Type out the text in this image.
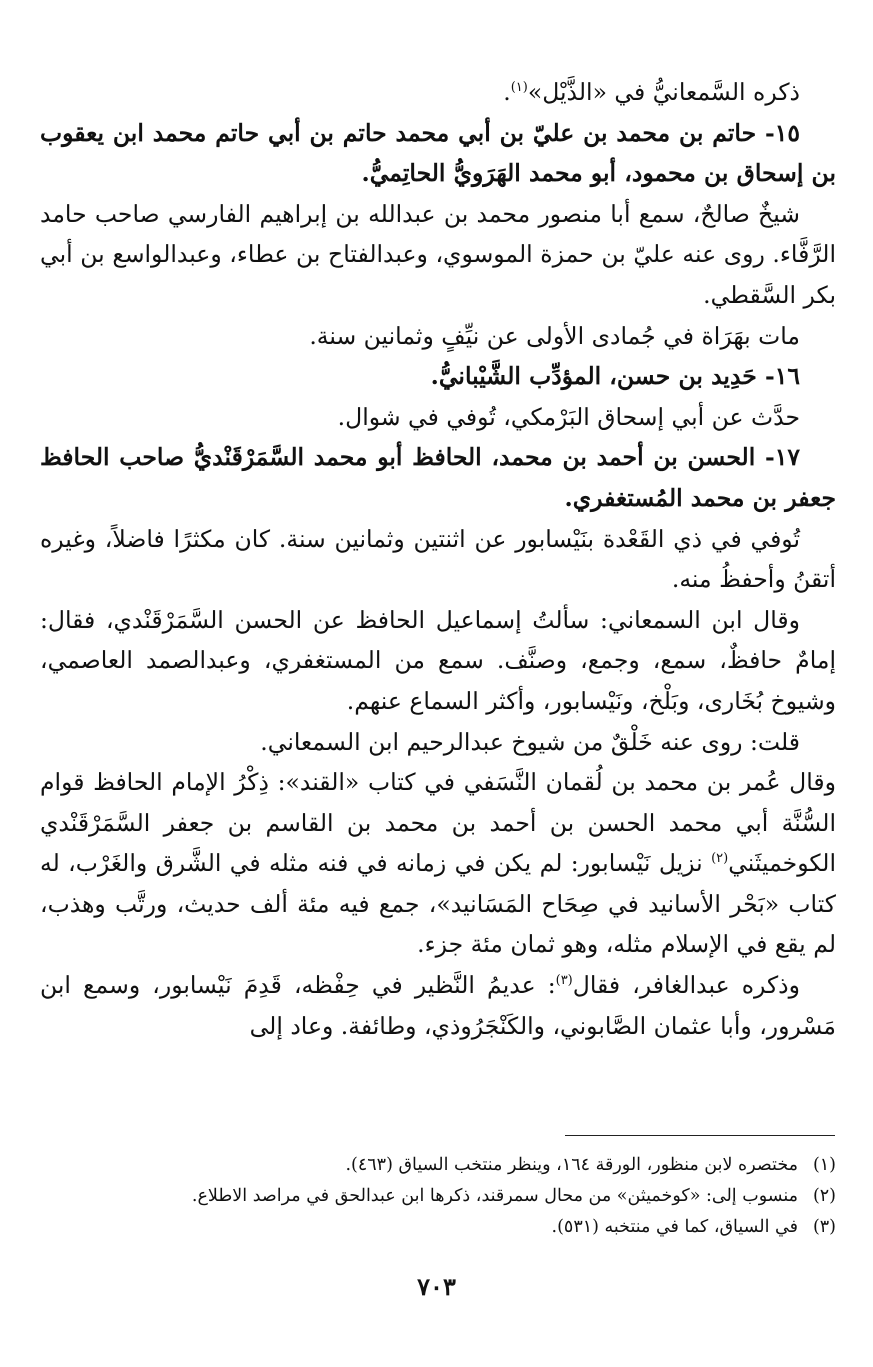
ذكره السَّمعانيُّ في «الذَّيْل»$^{(١)}$.

١٥- حاتم بن محمد بن عليّ بن أبي محمد حاتم بن أبي حاتم محمد ابن يعقوب بن إسحاق بن محمود، أبو محمد الهَرَويُّ الحاتِميُّ.

شيخٌ صالحٌ، سمع أبا منصور محمد بن عبدالله بن إبراهيم الفارسي صاحب حامد الرَّفَّاء. روى عنه عليّ بن حمزة الموسوي، وعبدالفتاح بن عطاء، وعبدالواسع بن أبي بكر السَّقطي.

مات بهَرَاة في جُمادى الأولى عن نيِّفٍ وثمانين سنة.

١٦- حَدِيد بن حسن، المؤدِّب الشَّيْبانيُّ.

حدَّث عن أبي إسحاق البَرْمكي، تُوفي في شوال.

١٧- الحسن بن أحمد بن محمد، الحافظ أبو محمد السَّمَرْقَنْديُّ صاحب الحافظ جعفر بن محمد المُستغفري.

تُوفي في ذي القَعْدة بنَيْسابور عن اثنتين وثمانين سنة. كان مكثرًا فاضلاً، وغيره أتقنُ وأحفظُ منه.

وقال ابن السمعاني: سألتُ إسماعيل الحافظ عن الحسن السَّمَرْقَنْدي، فقال: إمامٌ حافظٌ، سمع، وجمع، وصنَّف. سمع من المستغفري، وعبدالصمد العاصمي، وشيوخ بُخَارى، وبَلْخ، ونَيْسابور، وأكثر السماع عنهم.

قلت: روى عنه خَلْقٌ من شيوخ عبدالرحيم ابن السمعاني.

وقال عُمر بن محمد بن لُقمان النَّسَفي في كتاب «القند»: ذِكْرُ الإمام الحافظ قوام السُّنَّة أبي محمد الحسن بن أحمد بن محمد بن القاسم بن جعفر السَّمَرْقَنْدي الكوخميثَني$^{(٢)}$ نزيل نَيْسابور: لم يكن في زمانه في فنه مثله في الشَّرق والغَرْب، له كتاب «بَحْر الأسانيد في صِحَاح المَسَانيد»، جمع فيه مئة ألف حديث، ورتَّب وهذب، لم يقع في الإسلام مثله، وهو ثمان مئة جزء.

وذكره عبدالغافر، فقال$^{(٣)}$: عديمُ النَّظير في حِفْظه، قَدِمَ نَيْسابور، وسمع ابن مَسْرور، وأبا عثمان الصَّابوني، والكَنْجَرُوذي، وطائفة. وعاد إلى

(١)مختصره لابن منظور، الورقة ١٦٤، وينظر منتخب السياق (٤٦٣).
(٢)منسوب إلى: «كوخميثن» من محال سمرقند، ذكرها ابن عبدالحق في مراصد الاطلاع.
(٣)في السياق، كما في منتخبه (٥٣١).
٧٠٣
